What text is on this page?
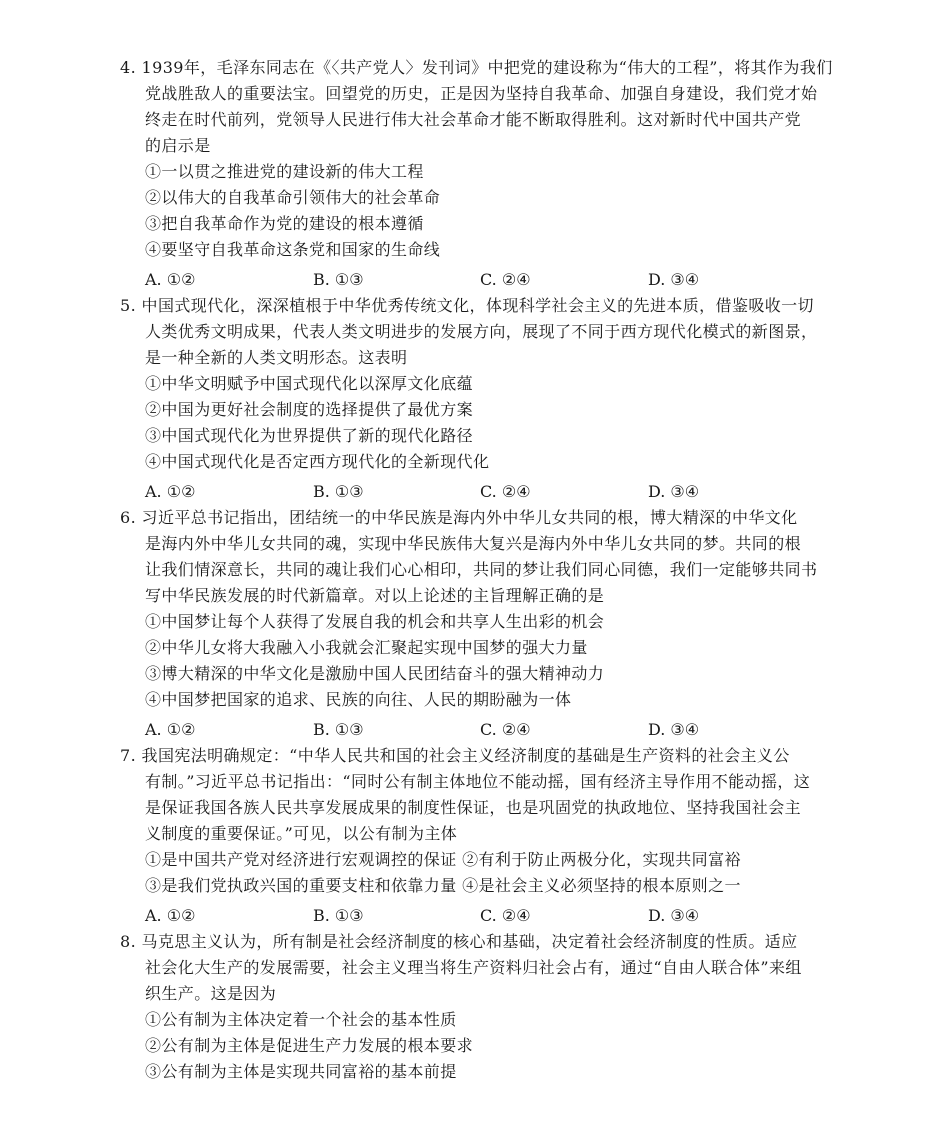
4. 1939年，毛泽东同志在《〈共产党人〉发刊词》中把党的建设称为“伟大的工程”，将其作为我们
党战胜敌人的重要法宝。回望党的历史，正是因为坚持自我革命、加强自身建设，我们党才始
终走在时代前列，党领导人民进行伟大社会革命才能不断取得胜利。这对新时代中国共产党
的启示是
①一以贯之推进党的建设新的伟大工程
②以伟大的自我革命引领伟大的社会革命
③把自我革命作为党的建设的根本遵循
④要坚守自我革命这条党和国家的生命线
A. ①②	B. ①③	C. ②④	D. ③④
5. 中国式现代化，深深植根于中华优秀传统文化，体现科学社会主义的先进本质，借鉴吸收一切
人类优秀文明成果，代表人类文明进步的发展方向，展现了不同于西方现代化模式的新图景，
是一种全新的人类文明形态。这表明
①中华文明赋予中国式现代化以深厚文化底蕴
②中国为更好社会制度的选择提供了最优方案
③中国式现代化为世界提供了新的现代化路径
④中国式现代化是否定西方现代化的全新现代化
A. ①②	B. ①③	C. ②④	D. ③④
6. 习近平总书记指出，团结统一的中华民族是海内外中华儿女共同的根，博大精深的中华文化
是海内外中华儿女共同的魂，实现中华民族伟大复兴是海内外中华儿女共同的梦。共同的根
让我们情深意长，共同的魂让我们心心相印，共同的梦让我们同心同德，我们一定能够共同书
写中华民族发展的时代新篇章。对以上论述的主旨理解正确的是
①中国梦让每个人获得了发展自我的机会和共享人生出彩的机会
②中华儿女将大我融入小我就会汇聚起实现中国梦的强大力量
③博大精深的中华文化是激励中国人民团结奋斗的强大精神动力
④中国梦把国家的追求、民族的向往、人民的期盼融为一体
A. ①②	B. ①③	C. ②④	D. ③④
7. 我国宪法明确规定：“中华人民共和国的社会主义经济制度的基础是生产资料的社会主义公
有制。”习近平总书记指出：“同时公有制主体地位不能动摇，国有经济主导作用不能动摇，这
是保证我国各族人民共享发展成果的制度性保证，也是巩固党的执政地位、坚持我国社会主
义制度的重要保证。”可见，以公有制为主体
①是中国共产党对经济进行宏观调控的保证 ②有利于防止两极分化，实现共同富裕
③是我们党执政兴国的重要支柱和依靠力量 ④是社会主义必须坚持的根本原则之一
A. ①②	B. ①③	C. ②④	D. ③④
8. 马克思主义认为，所有制是社会经济制度的核心和基础，决定着社会经济制度的性质。适应
社会化大生产的发展需要，社会主义理当将生产资料归社会占有，通过“自由人联合体”来组
织生产。这是因为
①公有制为主体决定着一个社会的基本性质
②公有制为主体是促进生产力发展的根本要求
③公有制为主体是实现共同富裕的基本前提
